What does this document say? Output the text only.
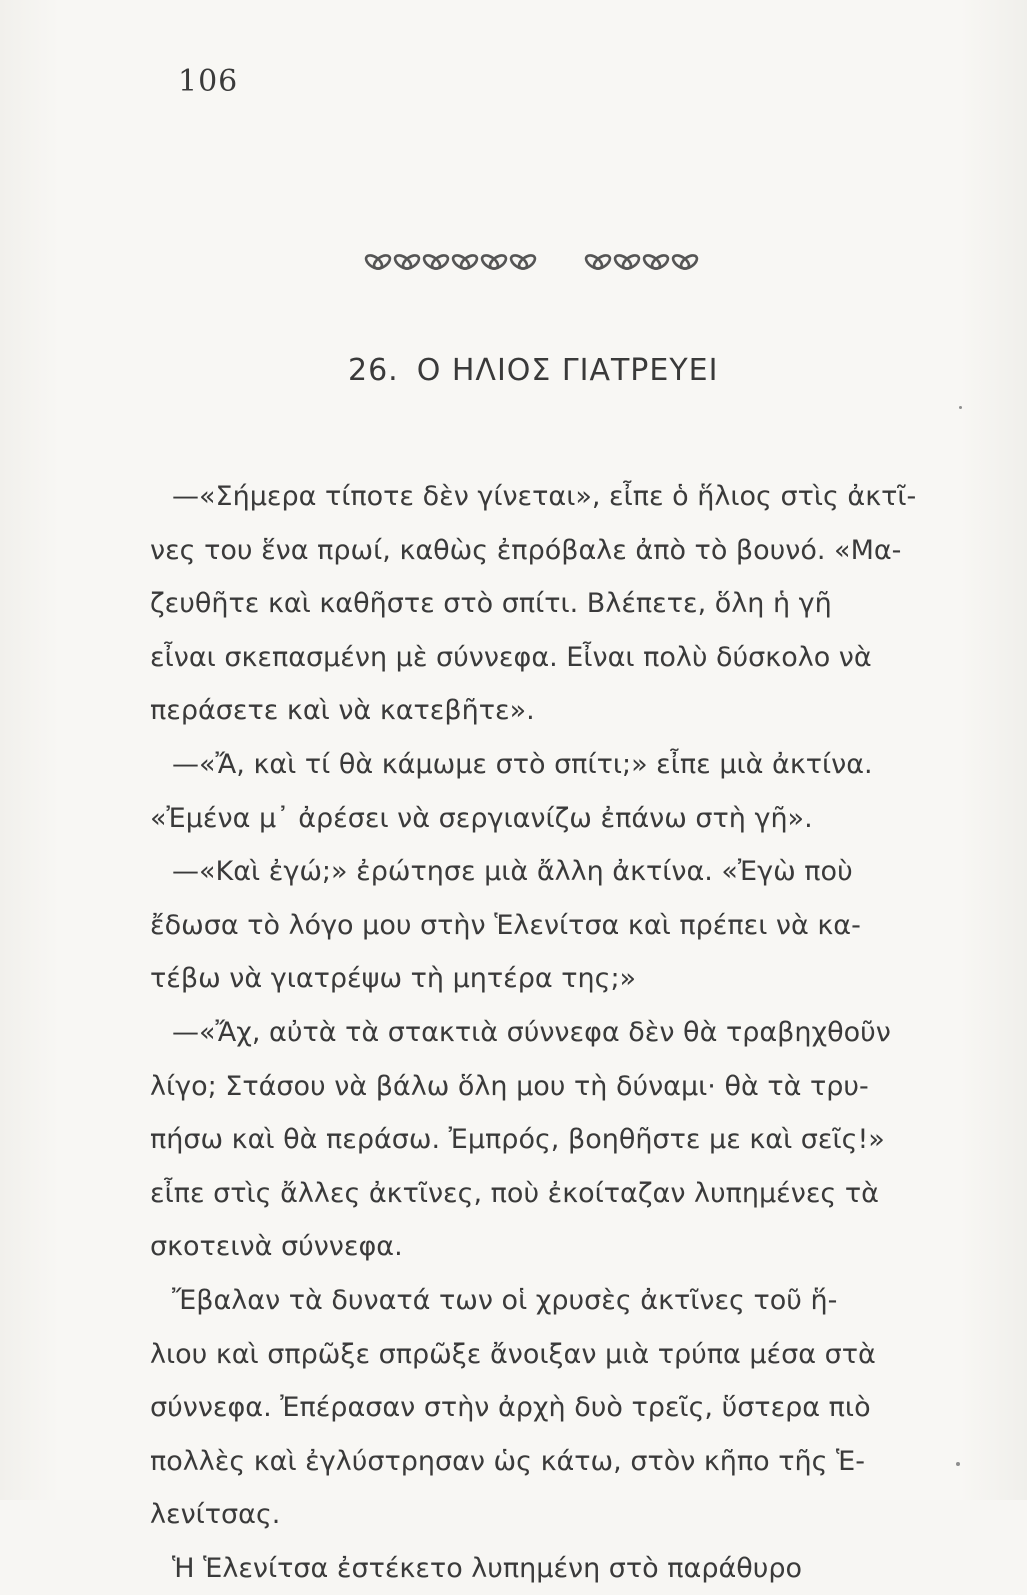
106
26. Ο ΗΛΙΟΣ ΓΙΑΤΡΕΥΕΙ
—«Σήμερα τίποτε δὲν γίνεται», εἶπε ὁ ἥλιος στὶς ἀκτῖ-
νες του ἕνα πρωί, καθὼς ἐπρόβαλε ἀπὸ τὸ βουνό. «Μα-
ζευθῆτε καὶ καθῆστε στὸ σπίτι. Βλέπετε, ὅλη ἡ γῆ
εἶναι σκεπασμένη μὲ σύννεφα. Εἶναι πολὺ δύσκολο νὰ
περάσετε καὶ νὰ κατεβῆτε».
—«Ἄ, καὶ τί θὰ κάμωμε στὸ σπίτι;» εἶπε μιὰ ἀκτίνα.
«Ἐμένα μ᾿ ἀρέσει νὰ σεργιανίζω ἐπάνω στὴ γῆ».
—«Καὶ ἐγώ;» ἐρώτησε μιὰ ἄλλη ἀκτίνα. «Ἐγὼ ποὺ
ἔδωσα τὸ λόγο μου στὴν Ἑλενίτσα καὶ πρέπει νὰ κα-
τέβω νὰ γιατρέψω τὴ μητέρα της;»
—«Ἄχ, αὐτὰ τὰ στακτιὰ σύννεφα δὲν θὰ τραβηχθοῦν
λίγο; Στάσου νὰ βάλω ὅλη μου τὴ δύναμι· θὰ τὰ τρυ-
πήσω καὶ θὰ περάσω. Ἐμπρός, βοηθῆστε με καὶ σεῖς!»
εἶπε στὶς ἄλλες ἀκτῖνες, ποὺ ἐκοίταζαν λυπημένες τὰ
σκοτεινὰ σύννεφα.
Ἔβαλαν τὰ δυνατά των οἱ χρυσὲς ἀκτῖνες τοῦ ἥ-
λιου καὶ σπρῶξε σπρῶξε ἄνοιξαν μιὰ τρύπα μέσα στὰ
σύννεφα. Ἐπέρασαν στὴν ἀρχὴ δυὸ τρεῖς, ὕστερα πιὸ
πολλὲς καὶ ἐγλύστρησαν ὡς κάτω, στὸν κῆπο τῆς Ἑ-
λενίτσας.
Ἡ Ἑλενίτσα ἐστέκετο λυπημένη στὸ παράθυρο
